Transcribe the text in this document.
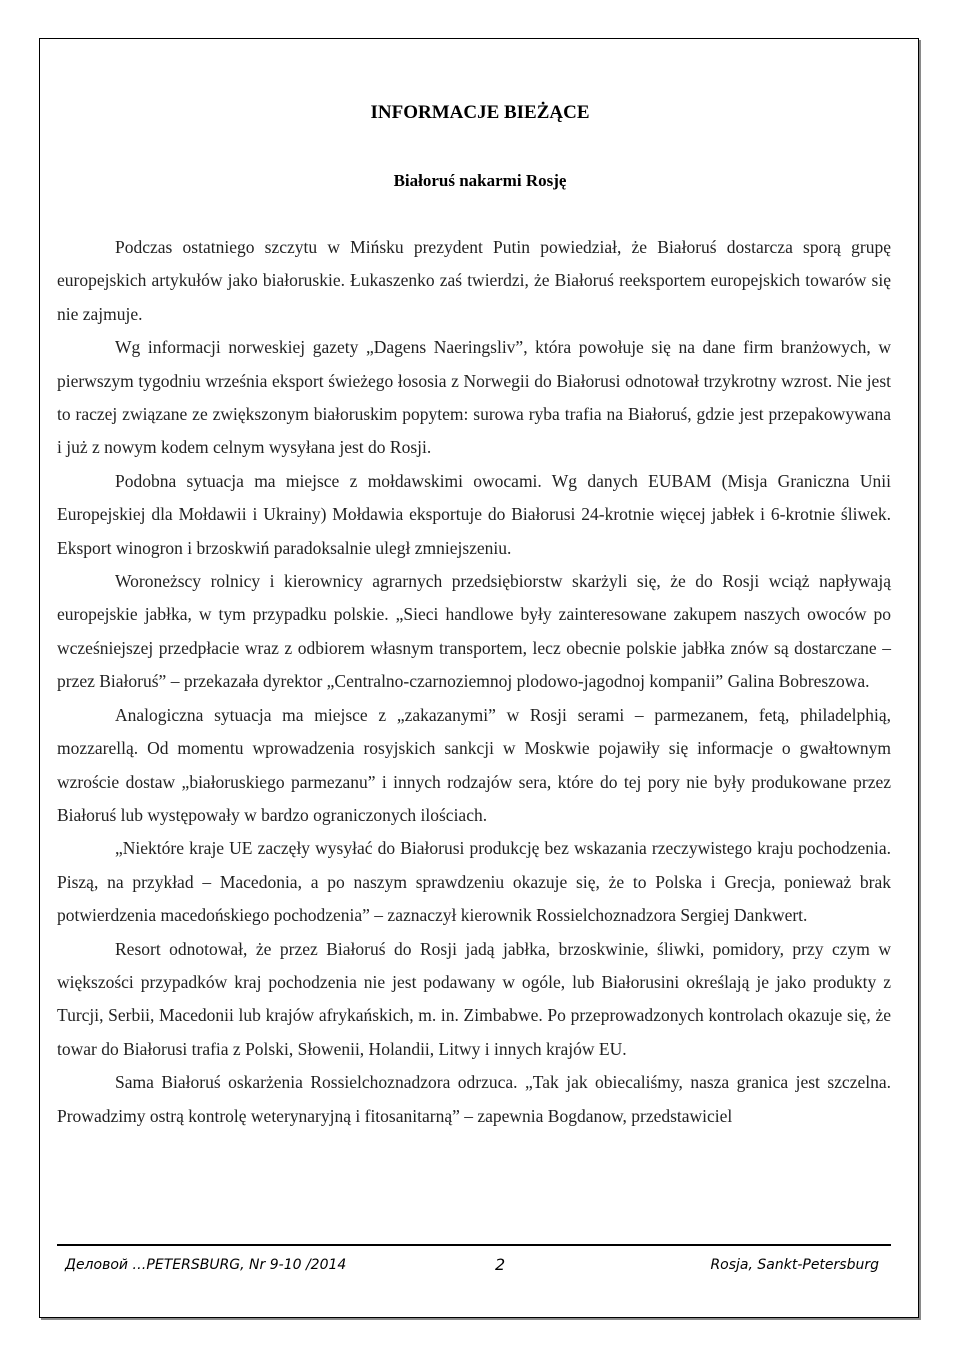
INFORMACJE BIEŻĄCE
Białoruś nakarmi Rosję

Podczas ostatniego szczytu w Mińsku prezydent Putin powiedział, że Białoruś dostarcza sporą grupę europejskich artykułów jako białoruskie. Łukaszenko zaś twierdzi, że Białoruś reeksportem europejskich towarów się nie zajmuje.

Wg informacji norweskiej gazety „Dagens Naeringsliv”, która powołuje się na dane firm branżowych, w pierwszym tygodniu września eksport świeżego łososia z Norwegii do Białorusi odnotował trzykrotny wzrost. Nie jest to raczej związane ze zwiększonym białoruskim popytem: surowa ryba trafia na Białoruś, gdzie jest przepakowywana i już z nowym kodem celnym wysyłana jest do Rosji.

Podobna sytuacja ma miejsce z mołdawskimi owocami. Wg danych EUBAM (Misja Graniczna Unii Europejskiej dla Mołdawii i Ukrainy) Mołdawia eksportuje do Białorusi 24-krotnie więcej jabłek i 6-krotnie śliwek. Eksport winogron i brzoskwiń paradoksalnie uległ zmniejszeniu.

Woroneżscy rolnicy i kierownicy agrarnych przedsiębiorstw skarżyli się, że do Rosji wciąż napływają europejskie jabłka, w tym przypadku polskie. „Sieci handlowe były zainteresowane zakupem naszych owoców po wcześniejszej przedpłacie wraz z odbiorem własnym transportem, lecz obecnie polskie jabłka znów są dostarczane – przez Białoruś” – przekazała dyrektor „Centralno-czarnoziemnoj plodowo-jagodnoj kompanii” Galina Bobreszowa.

Analogiczna sytuacja ma miejsce z „zakazanymi” w Rosji serami – parmezanem, fetą, philadelphią, mozzarellą. Od momentu wprowadzenia rosyjskich sankcji w Moskwie pojawiły się informacje o gwałtownym wzroście dostaw „białoruskiego parmezanu” i innych rodzajów sera, które do tej pory nie były produkowane przez Białoruś lub występowały w bardzo ograniczonych ilościach.

„Niektóre kraje UE zaczęły wysyłać do Białorusi produkcję bez wskazania rzeczywistego kraju pochodzenia. Piszą, na przykład – Macedonia, a po naszym sprawdzeniu okazuje się, że to Polska i Grecja, ponieważ brak potwierdzenia macedońskiego pochodzenia” – zaznaczył kierownik Rossielchoznadzora Sergiej Dankwert.

Resort odnotował, że przez Białoruś do Rosji jadą jabłka, brzoskwinie, śliwki, pomidory, przy czym w większości przypadków kraj pochodzenia nie jest podawany w ogóle, lub Białorusini określają je jako produkty z Turcji, Serbii, Macedonii lub krajów afrykańskich, m. in. Zimbabwe. Po przeprowadzonych kontrolach okazuje się, że towar do Białorusi trafia z Polski, Słowenii, Holandii, Litwy i innych krajów EU.

Sama Białoruś oskarżenia Rossielchoznadzora odrzuca. „Tak jak obiecaliśmy, nasza granica jest szczelna. Prowadzimy ostrą kontrolę weterynaryjną i fitosanitarną” – zapewnia Bogdanow, przedstawiciel

Деловой …PETERSBURG, Nr 9-10 /2014	2	Rosja, Sankt-Petersburg
